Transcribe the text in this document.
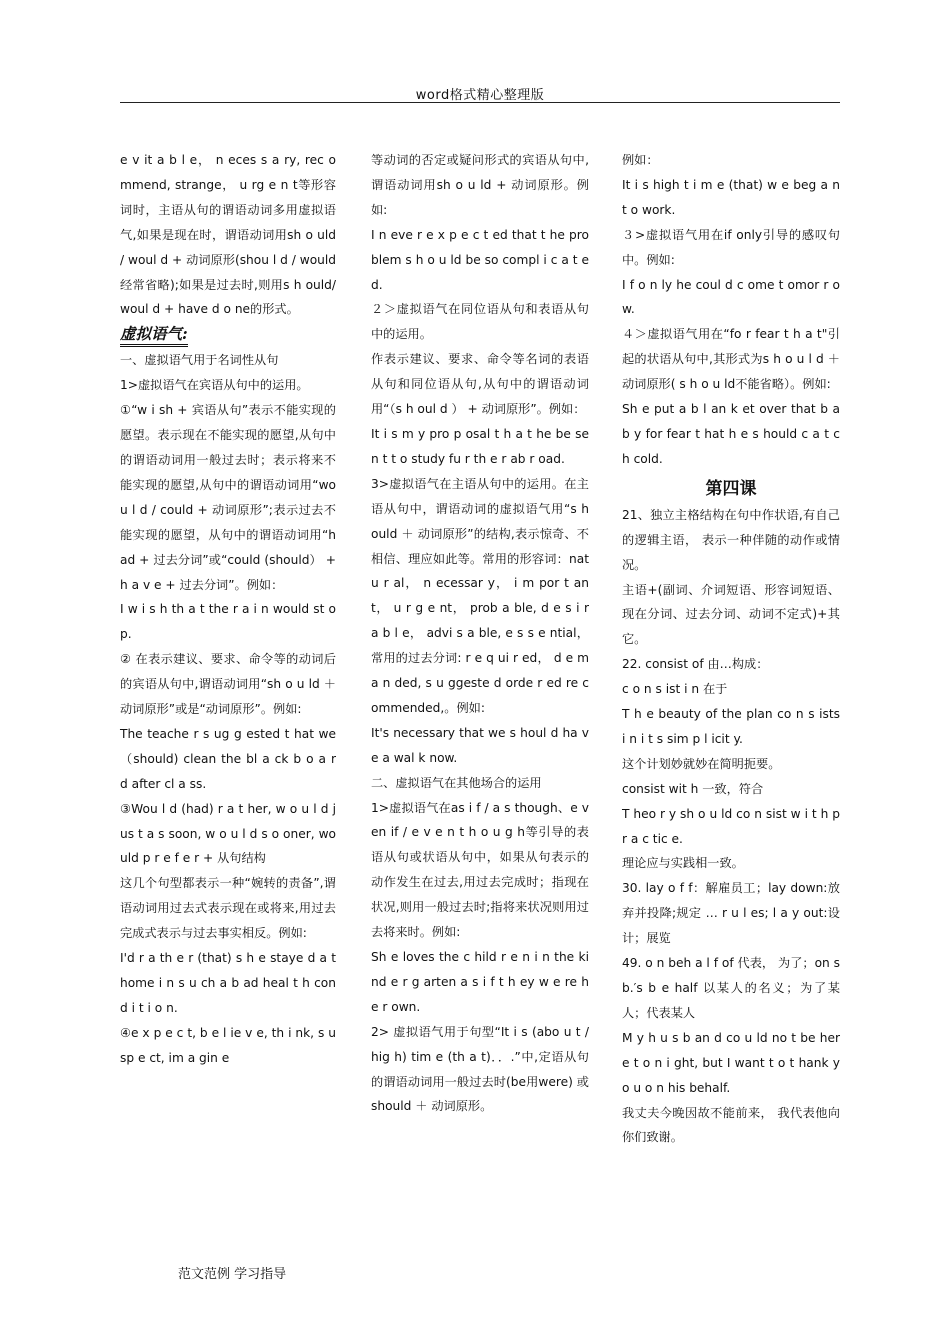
word格式精心整理版

e v it a b l e， n eces s a ry, rec o mmend, strange， u rg e n t等形容词时，主语从句的谓语动词多用虚拟语气,如果是现在时，谓语动词用sh o uld / woul d + 动词原形(shou l d / would经常省略);如果是过去时,则用s h ould/woul d + have d o ne的形式。

虚拟语气:

一、虚拟语气用于名词性从句

1>虚拟语气在宾语从句中的运用。

①“w i sh + 宾语从句”表示不能实现的愿望。表示现在不能实现的愿望,从句中的谓语动词用一般过去时；表示将来不能实现的愿望,从句中的谓语动词用“wou l d / could + 动词原形”;表示过去不能实现的愿望，从句中的谓语动词用“had + 过去分词”或“could (should） + h a v e + 过去分词”。例如：

I w i s h th a t the r a i n would st o p.

② 在表示建议、要求、命令等的动词后的宾语从句中,谓语动词用“sh o u ld ＋ 动词原形”或是“动词原形”。例如:

The teache r s ug g ested t hat we （should) clean the bl a ck b o a r d after cl a ss.

③Wou l d (had) r a t her, w o u l d j us t a s soon, w o u l d s o oner, would p r e f e r + 从句结构

这几个句型都表示一种“婉转的责备”,谓语动词用过去式表示现在或将来,用过去完成式表示与过去事实相反。例如:

I'd r a th e r (that) s h e staye d a t home i n s u ch a b ad heal t h con d i t i o n.

④e x p e c t, b e l ie v e, th i nk, s u sp e ct, im a gin e

等动词的否定或疑问形式的宾语从句中,谓语动词用sh o u ld + 动词原形。例如:

I n eve r e x p e c t ed that t he problem s h o u ld be so compl i c a t ed.

２＞虚拟语气在同位语从句和表语从句中的运用。

作表示建议、要求、命令等名词的表语从句和同位语从句,从句中的谓语动词用“（s h oul d ） + 动词原形”。例如：

It i s m y pro p osal t h a t he be se n t t o study fu r th e r ab r oad.

3>虚拟语气在主语从句中的运用。在主语从句中，谓语动词的虚拟语气用“s h ould ＋ 动词原形”的结构,表示惊奇、不相信、理应如此等。常用的形容词：natu r al， n ecessar y， i m por t ant， u r g e nt， prob a ble, d e s i r a b l e， advi s a ble, e s s e ntial，常用的过去分词: r e q ui r ed， d e m a n ded, s u ggeste d orde r ed re c ommended,。例如:

It's necessary that we s houl d ha v e a wal k now.

二、虚拟语气在其他场合的运用

1>虚拟语气在as i f / a s though、e v en if / e v e n t h o u g h等引导的表语从句或状语从句中，如果从句表示的动作发生在过去,用过去完成时；指现在状况,则用一般过去时;指将来状况则用过去将来时。例如:

Sh e loves the c hild r e n i n the kind e r g arten a s i f t h ey w e re he r own.

2> 虚拟语气用于句型“It i s (abo u t / hig h) tim e (th a t)．．.”中,定语从句的谓语动词用一般过去时(be用were) 或should ＋ 动词原形。

例如：

It i s high t i m e (that) w e beg a n t o work.

３>虚拟语气用在if only引导的感叹句中。例如:

I f o n ly he coul d c ome t omor r o w.

４＞虚拟语气用在“fo r fear t h a t"引起的状语从句中,其形式为s h o u l d ＋动词原形( s h o u ld不能省略）。例如:

Sh e put a b l an k et over that b a b y for fear t hat h e s hould c a t c h cold.

第四课

21、独立主格结构在句中作状语,有自己的逻辑主语， 表示一种伴随的动作或情况。

主语+(副词、介词短语、形容词短语、现在分词、过去分词、动词不定式)+其它。

22. consist of 由…构成：

c o n s ist i n 在于

T h e beauty of the plan co n s ists i n i t s sim p l icit y.

这个计划妙就妙在简明扼要。

consist wit h 一致，符合

T heo r y sh o u ld co n sist w i t h pr a c tic e.

理论应与实践相一致。

30. lay o f f：解雇员工；lay down:放弃并投降;规定 … r u l es; l a y out:设计；展览

49. o n beh a l f of 代表， 为了；on s b.′s b e half 以某人的名义；为了某人；代表某人

M y h u s b an d co u ld no t be here t o n i ght, but I want t o t hank y o u o n his behalf.

我丈夫今晚因故不能前来， 我代表他向你们致谢。

范文范例 学习指导
